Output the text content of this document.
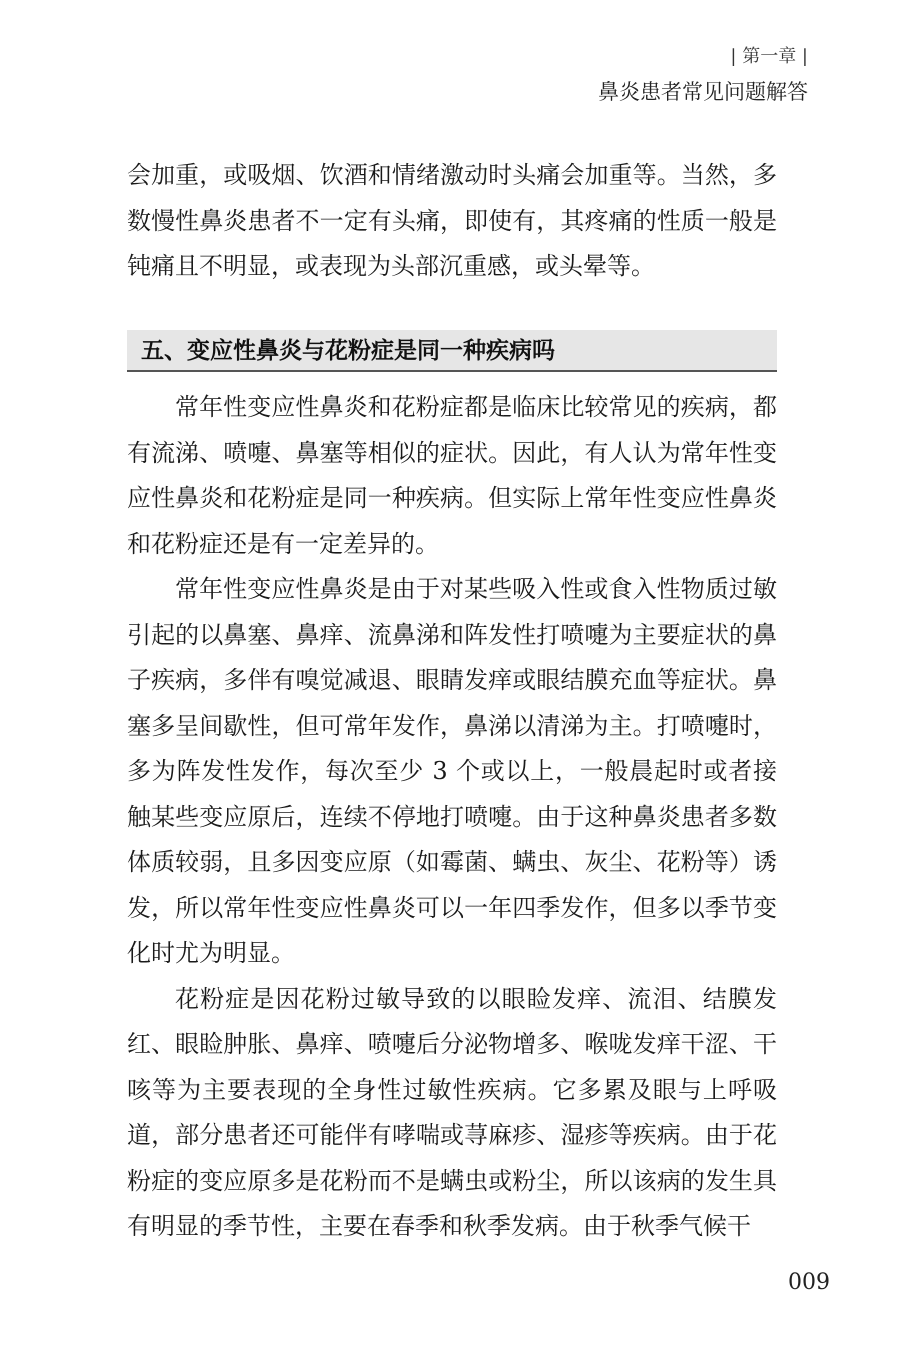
| 第一章 |
鼻炎患者常见问题解答

会加重，或吸烟、饮酒和情绪激动时头痛会加重等。当然，多数慢性鼻炎患者不一定有头痛，即使有，其疼痛的性质一般是钝痛且不明显，或表现为头部沉重感，或头晕等。

五、变应性鼻炎与花粉症是同一种疾病吗

常年性变应性鼻炎和花粉症都是临床比较常见的疾病，都有流涕、喷嚏、鼻塞等相似的症状。因此，有人认为常年性变应性鼻炎和花粉症是同一种疾病。但实际上常年性变应性鼻炎和花粉症还是有一定差异的。

常年性变应性鼻炎是由于对某些吸入性或食入性物质过敏引起的以鼻塞、鼻痒、流鼻涕和阵发性打喷嚏为主要症状的鼻子疾病，多伴有嗅觉减退、眼睛发痒或眼结膜充血等症状。鼻塞多呈间歇性，但可常年发作，鼻涕以清涕为主。打喷嚏时，多为阵发性发作，每次至少 3 个或以上，一般晨起时或者接触某些变应原后，连续不停地打喷嚏。由于这种鼻炎患者多数体质较弱，且多因变应原（如霉菌、螨虫、灰尘、花粉等）诱发，所以常年性变应性鼻炎可以一年四季发作，但多以季节变化时尤为明显。

花粉症是因花粉过敏导致的以眼睑发痒、流泪、结膜发红、眼睑肿胀、鼻痒、喷嚏后分泌物增多、喉咙发痒干涩、干咳等为主要表现的全身性过敏性疾病。它多累及眼与上呼吸道，部分患者还可能伴有哮喘或荨麻疹、湿疹等疾病。由于花粉症的变应原多是花粉而不是螨虫或粉尘，所以该病的发生具有明显的季节性，主要在春季和秋季发病。由于秋季气候干

009
